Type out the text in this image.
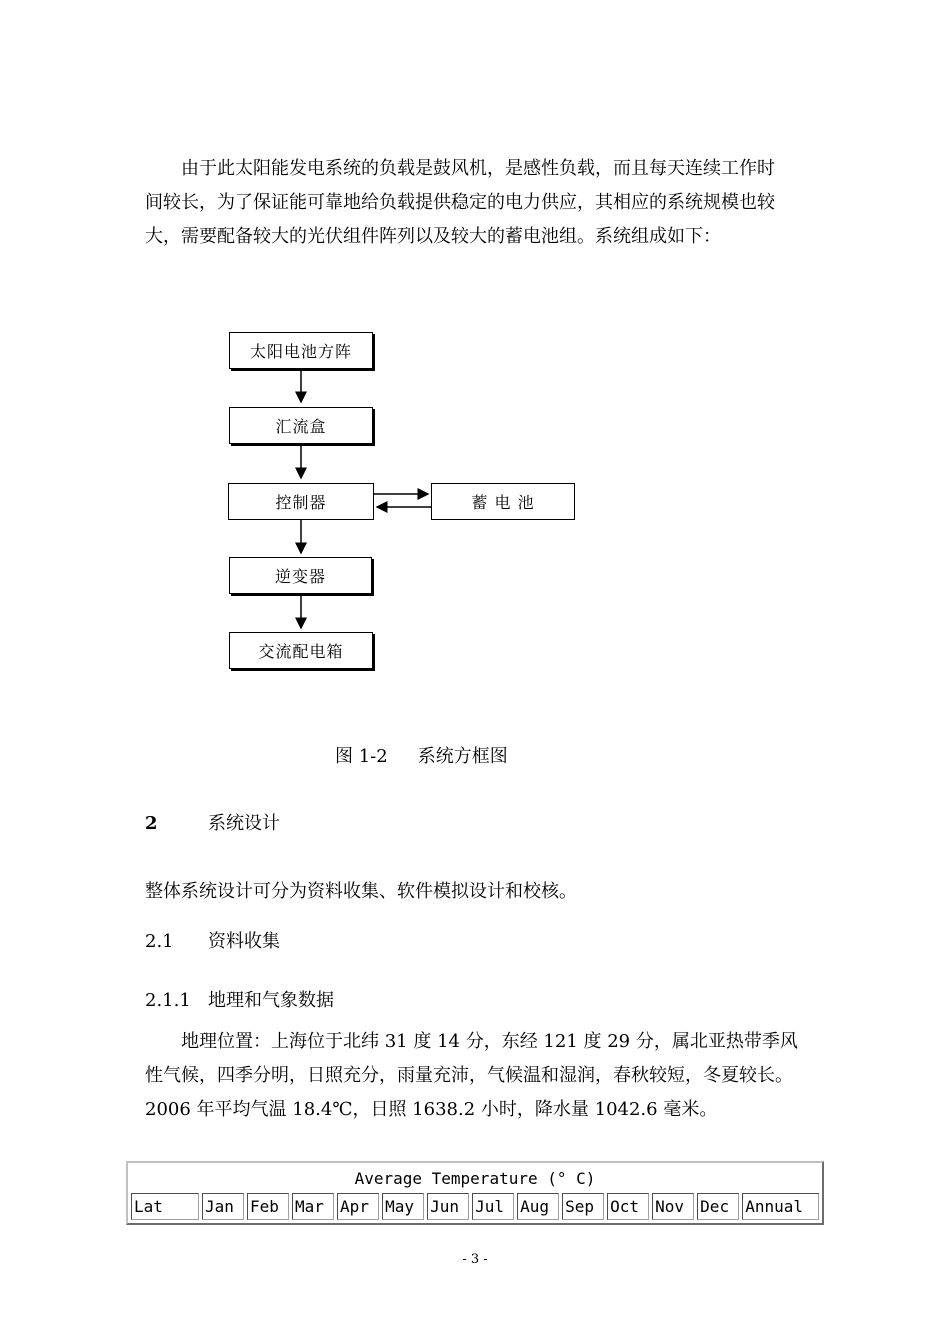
由于此太阳能发电系统的负载是鼓风机，是感性负载，而且每天连续工作时
间较长，为了保证能可靠地给负载提供稳定的电力供应，其相应的系统规模也较
大，需要配备较大的光伏组件阵列以及较大的蓄电池组。系统组成如下：
太阳电池方阵
汇流盒
控制器	蓄 电 池
逆变器
交流配电箱
图 1-2 系统方框图
2	系统设计
整体系统设计可分为资料收集、软件模拟设计和校核。
2.1 资料收集
2.1.1 地理和气象数据
地理位置：上海位于北纬 31 度 14 分，东经 121 度 29 分，属北亚热带季风
性气候，四季分明，日照充分，雨量充沛，气候温和湿润，春秋较短，冬夏较长。
2006 年平均气温 18.4℃，日照 1638.2 小时，降水量 1042.6 毫米。
Average Temperature (° C)
Lat	Jan	Feb	Mar	Apr	May	Jun	Jul	Aug	Sep	Oct	Nov	Dec	Annual
- 3 -
